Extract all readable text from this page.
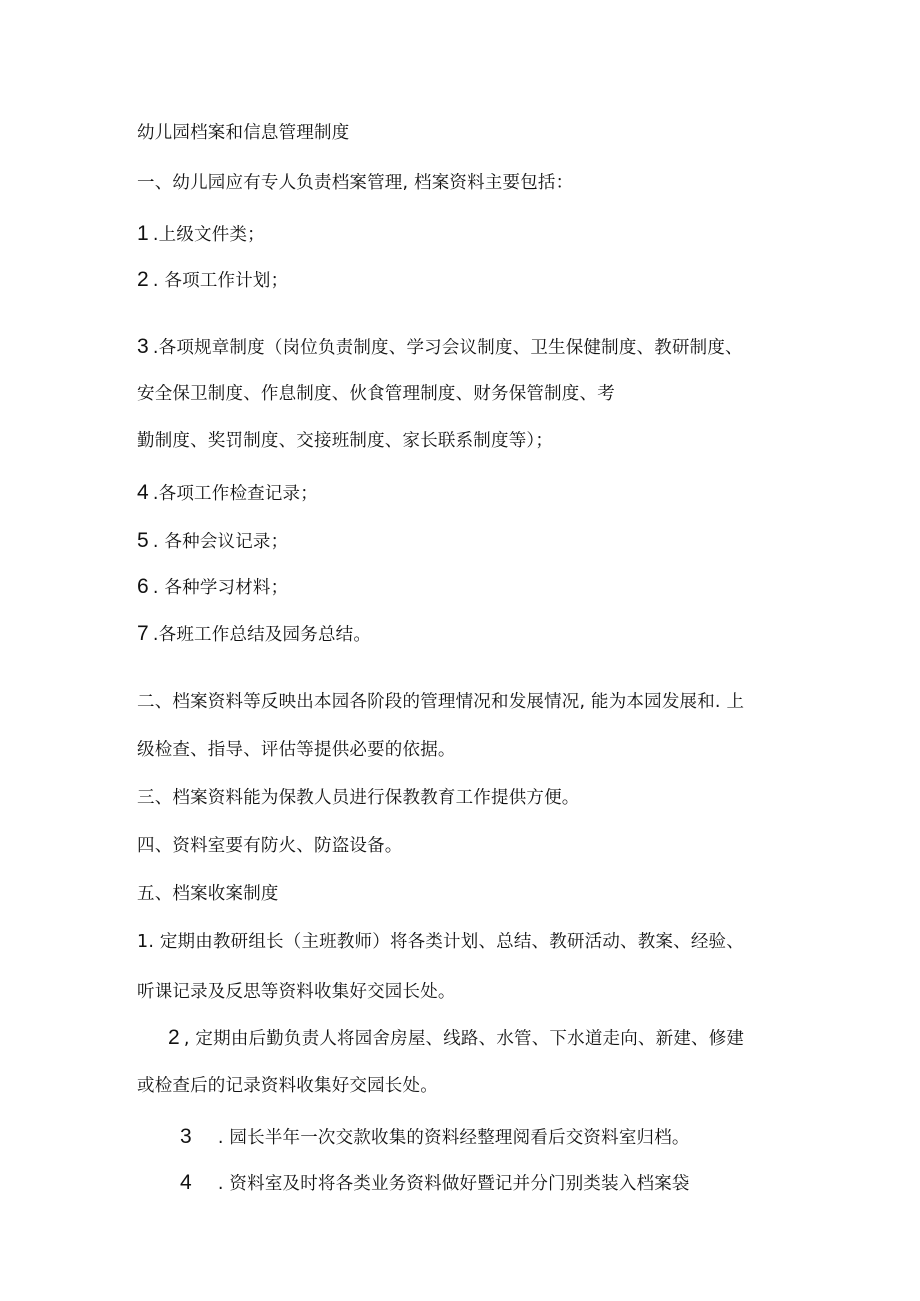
幼儿园档案和信息管理制度
一、幼儿园应有专人负责档案管理, 档案资料主要包括：
1 .上级文件类；
2 . 各项工作计划；
3 .各项规章制度（岗位负责制度、学习会议制度、卫生保健制度、教研制度、
安全保卫制度、作息制度、伙食管理制度、财务保管制度、考
勤制度、奖罚制度、交接班制度、家长联系制度等）；
4 .各项工作检查记录；
5 . 各种会议记录；
6 . 各种学习材料；
7 .各班工作总结及园务总结。
二、档案资料等反映出本园各阶段的管理情况和发展情况, 能为本园发展和. 上
级检查、指导、评估等提供必要的依据。
三、档案资料能为保教人员进行保教教育工作提供方便。
四、资料室要有防火、防盗设备。
五、档案收案制度
1. 定期由教研组长（主班教师）将各类计划、总结、教研活动、教案、经验、
听课记录及反思等资料收集好交园长处。
2 , 定期由后勤负责人将园舍房屋、线路、水管、下水道走向、新建、修建
或检查后的记录资料收集好交园长处。
3 . 园长半年一次交款收集的资料经整理阅看后交资料室归档。
4 . 资料室及时将各类业务资料做好暨记并分门别类装入档案袋
